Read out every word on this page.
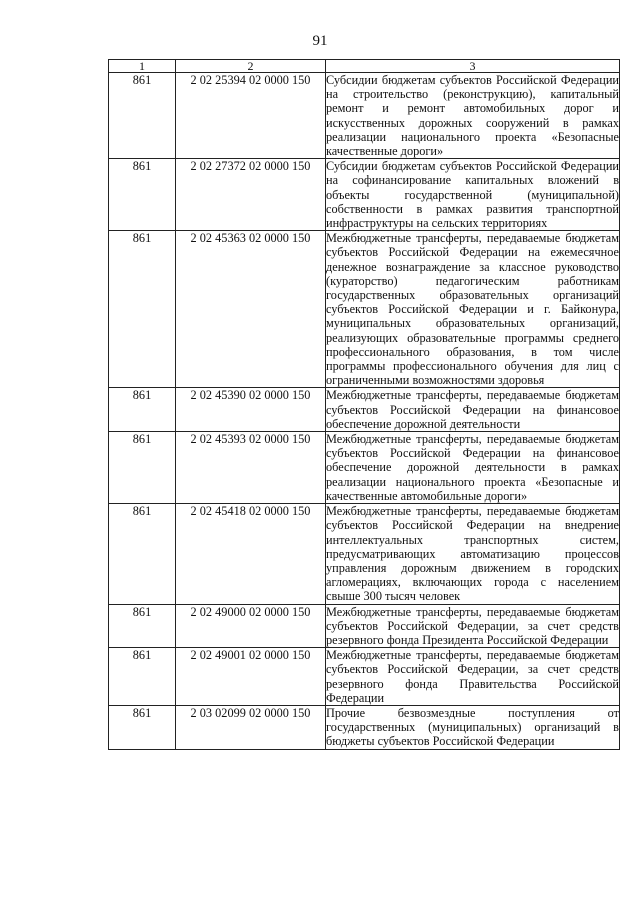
91
1	2	3
861	2 02 25394 02 0000 150	Субсидии бюджетам субъектов Российской Федерации на строительство (реконструкцию), капитальный ремонт и ремонт автомобильных дорог и искусственных дорожных сооружений в рамках реализации национального проекта «Безопасные качественные дороги»
861	2 02 27372 02 0000 150	Субсидии бюджетам субъектов Российской Федерации на софинансирование капитальных вложений в объекты государственной (муниципальной) собственности в рамках развития транспортной инфраструктуры на сельских территориях
861	2 02 45363 02 0000 150	Межбюджетные трансферты, передаваемые бюджетам субъектов Российской Федерации на ежемесячное денежное вознаграждение за классное руководство (кураторство) педагогическим работникам государственных образовательных организаций субъектов Российской Федерации и г. Байконура, муниципальных образовательных организаций, реализующих образовательные программы среднего профессионального образования, в том числе программы профессионального обучения для лиц с ограниченными возможностями здоровья
861	2 02 45390 02 0000 150	Межбюджетные трансферты, передаваемые бюджетам субъектов Российской Федерации на финансовое обеспечение дорожной деятельности
861	2 02 45393 02 0000 150	Межбюджетные трансферты, передаваемые бюджетам субъектов Российской Федерации на финансовое обеспечение дорожной деятельности в рамках реализации национального проекта «Безопасные и качественные автомобильные дороги»
861	2 02 45418 02 0000 150	Межбюджетные трансферты, передаваемые бюджетам субъектов Российской Федерации на внедрение интеллектуальных транспортных систем, предусматривающих автоматизацию процессов управления дорожным движением в городских агломерациях, включающих города с населением свыше 300 тысяч человек
861	2 02 49000 02 0000 150	Межбюджетные трансферты, передаваемые бюджетам субъектов Российской Федерации, за счет средств резервного фонда Президента Российской Федерации
861	2 02 49001 02 0000 150	Межбюджетные трансферты, передаваемые бюджетам субъектов Российской Федерации, за счет средств резервного фонда Правительства Российской Федерации
861	2 03 02099 02 0000 150	Прочие безвозмездные поступления от государственных (муниципальных) организаций в бюджеты субъектов Российской Федерации
